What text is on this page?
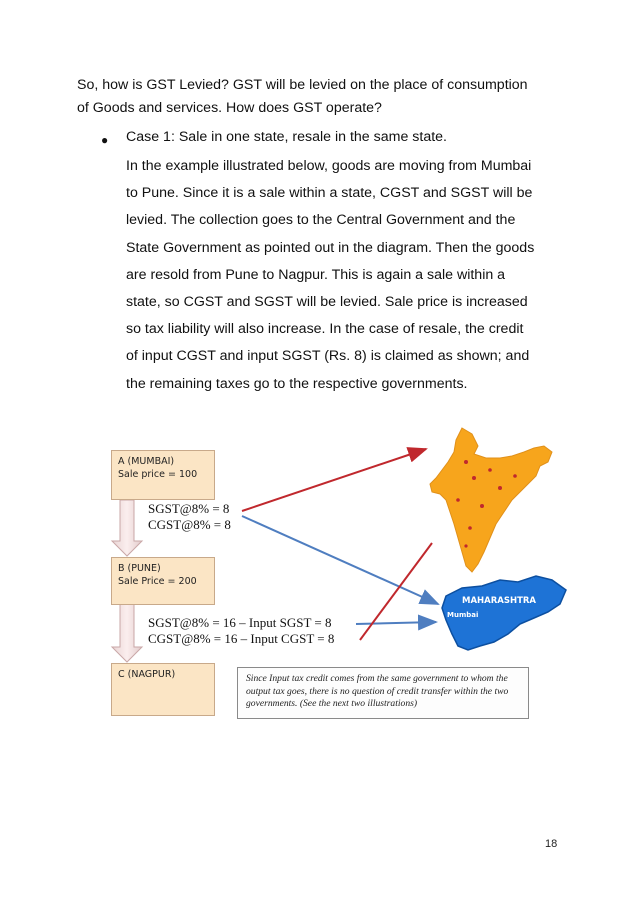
So, how is GST Levied? GST will be levied on the place of consumption
of Goods and services. How does GST operate?
● Case 1: Sale in one state, resale in the same state.
In the example illustrated below, goods are moving from Mumbai
to Pune. Since it is a sale within a state, CGST and SGST will be
levied. The collection goes to the Central Government and the
State Government as pointed out in the diagram. Then the goods
are resold from Pune to Nagpur. This is again a sale within a
state, so CGST and SGST will be levied. Sale price is increased
so tax liability will also increase. In the case of resale, the credit
of input CGST and input SGST (Rs. 8) is claimed as shown; and
the remaining taxes go to the respective governments.
MAHARASHTRA
Mumbai
A (MUMBAI)
Sale price = 100
B (PUNE)
Sale Price = 200
C (NAGPUR)
SGST@8% = 8
CGST@8% = 8
SGST@8% = 16 – Input SGST = 8
CGST@8% = 16 – Input CGST = 8
Since Input tax credit comes from the same government to whom the output tax goes, there is no question of credit transfer within the two governments. (See the next two illustrations)
18
